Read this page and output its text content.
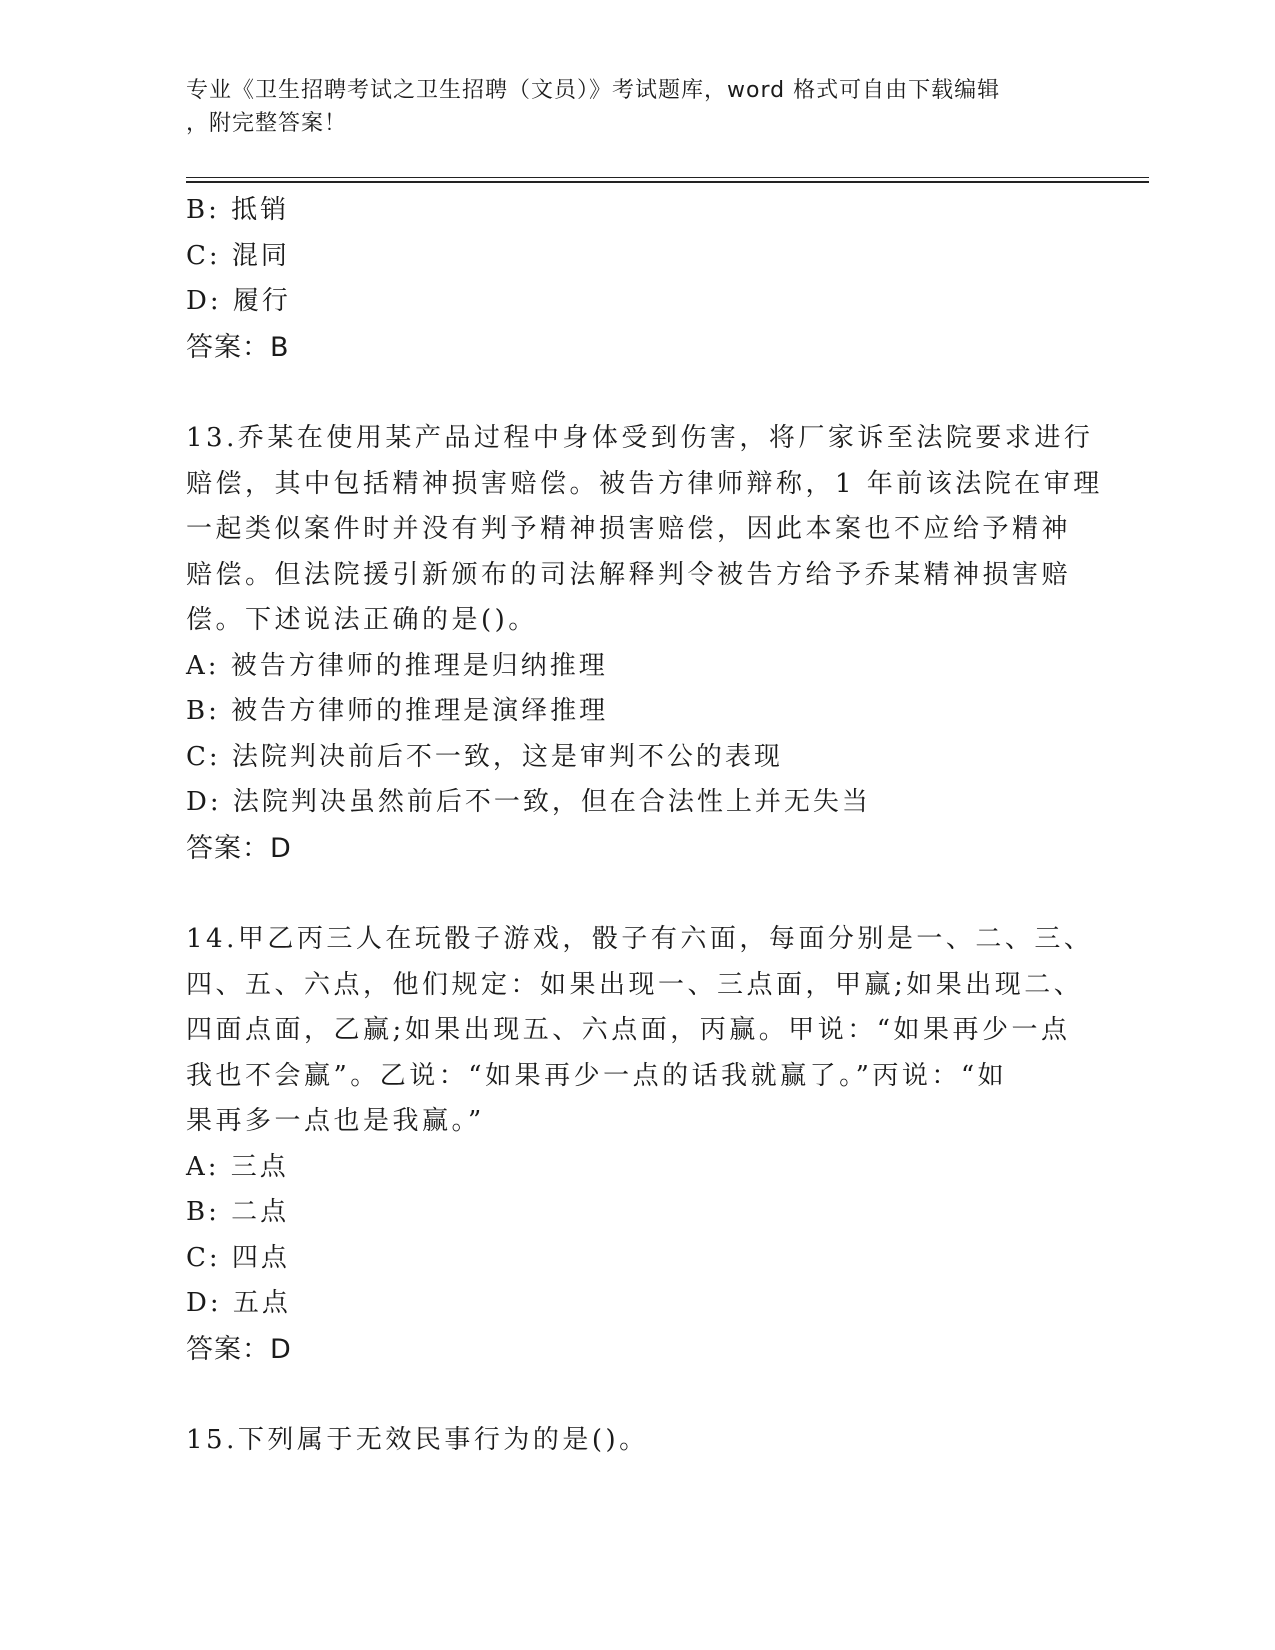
专业《卫生招聘考试之卫生招聘（文员）》考试题库，word 格式可自由下载编辑
，附完整答案！
B: 抵销
C: 混同
D: 履行
答案：B
13.乔某在使用某产品过程中身体受到伤害，将厂家诉至法院要求进行
赔偿，其中包括精神损害赔偿。被告方律师辩称，1 年前该法院在审理
一起类似案件时并没有判予精神损害赔偿，因此本案也不应给予精神
赔偿。但法院援引新颁布的司法解释判令被告方给予乔某精神损害赔
偿。下述说法正确的是()。
A: 被告方律师的推理是归纳推理
B: 被告方律师的推理是演绎推理
C: 法院判决前后不一致，这是审判不公的表现
D: 法院判决虽然前后不一致，但在合法性上并无失当
答案：D
14.甲乙丙三人在玩骰子游戏，骰子有六面，每面分别是一、二、三、
四、五、六点，他们规定：如果出现一、三点面，甲赢;如果出现二、
四面点面，乙赢;如果出现五、六点面，丙赢。甲说：“如果再少一点
我也不会赢”。乙说：“如果再少一点的话我就赢了。”丙说：“如
果再多一点也是我赢。”
A: 三点
B: 二点
C: 四点
D: 五点
答案：D
15.下列属于无效民事行为的是()。
